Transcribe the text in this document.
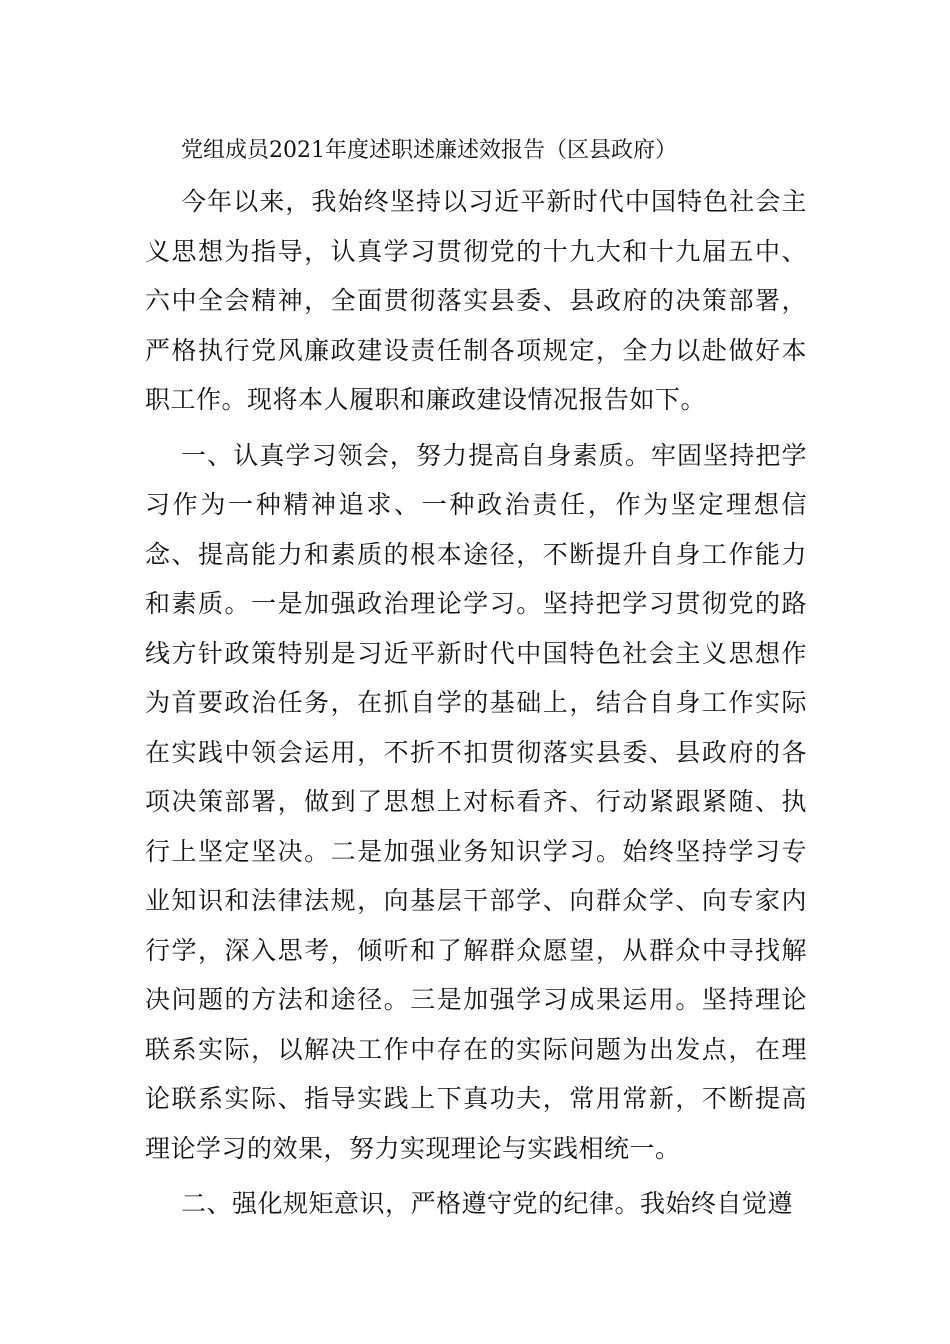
党组成员2021年度述职述廉述效报告（区县政府）

今年以来，我始终坚持以习近平新时代中国特色社会主义思想为指导，认真学习贯彻党的十九大和十九届五中、六中全会精神，全面贯彻落实县委、县政府的决策部署，严格执行党风廉政建设责任制各项规定，全力以赴做好本职工作。现将本人履职和廉政建设情况报告如下。

一、认真学习领会，努力提高自身素质。牢固坚持把学习作为一种精神追求、一种政治责任，作为坚定理想信念、提高能力和素质的根本途径，不断提升自身工作能力和素质。一是加强政治理论学习。坚持把学习贯彻党的路线方针政策特别是习近平新时代中国特色社会主义思想作为首要政治任务，在抓自学的基础上，结合自身工作实际在实践中领会运用，不折不扣贯彻落实县委、县政府的各项决策部署，做到了思想上对标看齐、行动紧跟紧随、执行上坚定坚决。二是加强业务知识学习。始终坚持学习专业知识和法律法规，向基层干部学、向群众学、向专家内行学，深入思考，倾听和了解群众愿望，从群众中寻找解决问题的方法和途径。三是加强学习成果运用。坚持理论联系实际，以解决工作中存在的实际问题为出发点，在理论联系实际、指导实践上下真功夫，常用常新，不断提高理论学习的效果，努力实现理论与实践相统一。

二、强化规矩意识，严格遵守党的纪律。我始终自觉遵
